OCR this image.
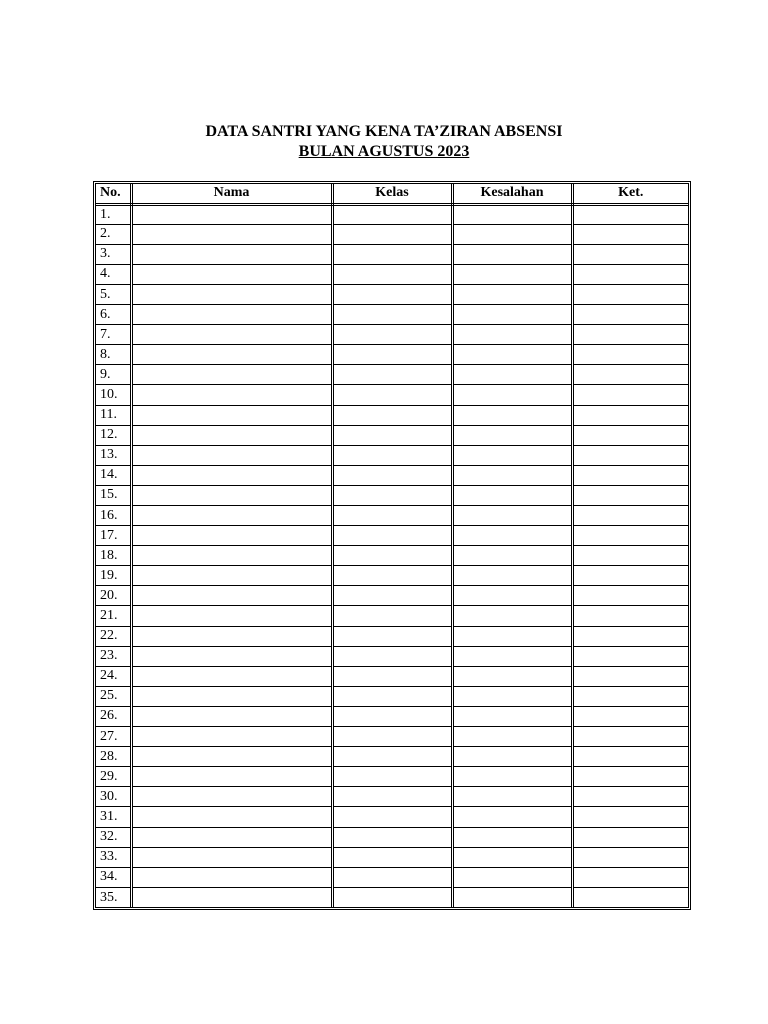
DATA SANTRI YANG KENA TA’ZIRAN ABSENSI
BULAN AGUSTUS 2023
No.	Nama	Kelas	Kesalahan	Ket.
1.				
2.				
3.				
4.				
5.				
6.				
7.				
8.				
9.				
10.				
11.				
12.				
13.				
14.				
15.				
16.				
17.				
18.				
19.				
20.				
21.				
22.				
23.				
24.				
25.				
26.				
27.				
28.				
29.				
30.				
31.				
32.				
33.				
34.				
35.				
